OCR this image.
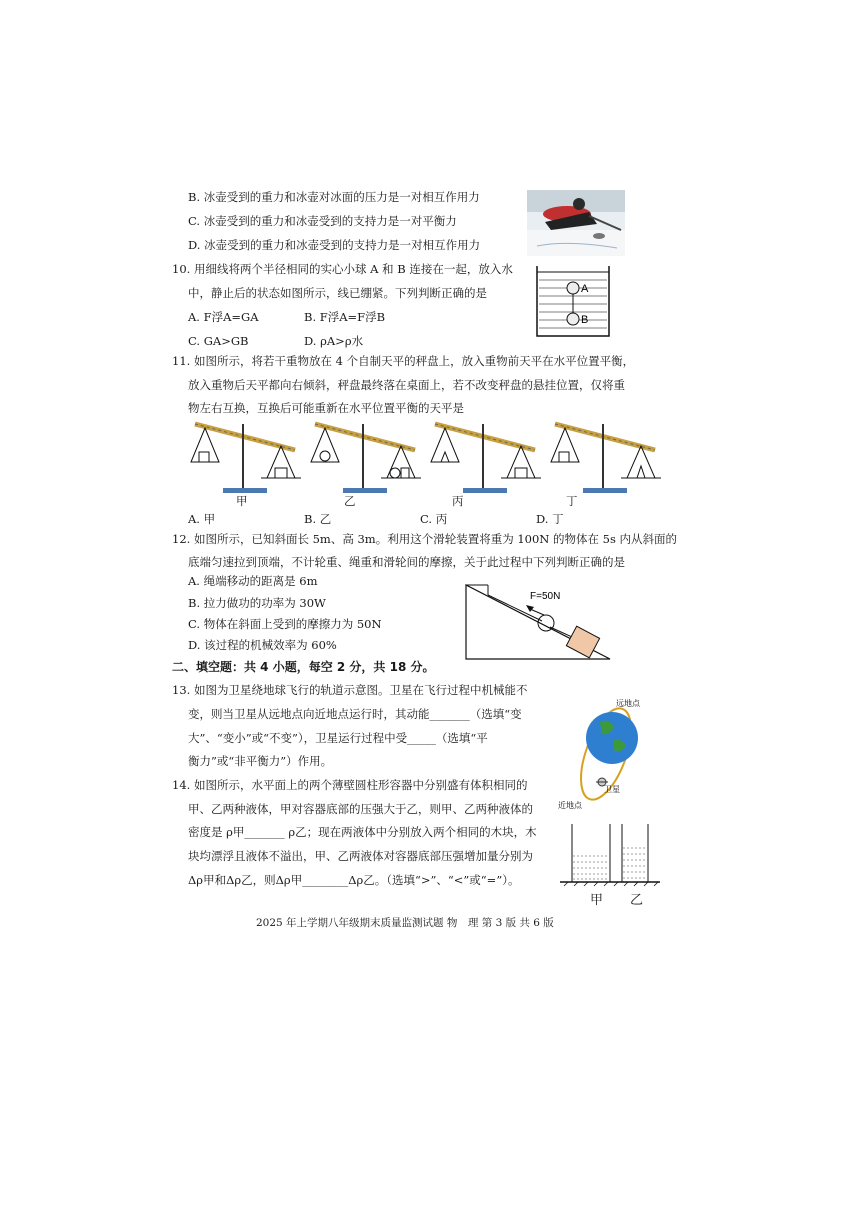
B. 冰壶受到的重力和冰壶对冰面的压力是一对相互作用力
C. 冰壶受到的重力和冰壶受到的支持力是一对平衡力
D. 冰壶受到的重力和冰壶受到的支持力是一对相互作用力
10. 用细线将两个半径相同的实心小球 A 和 B 连接在一起，放入水
中，静止后的状态如图所示，线已绷紧。下列判断正确的是
A. F浮A=GA	B. F浮A=F浮B
C. GA>GB	D. ρA>ρ水
A
B
11. 如图所示，将若干重物放在 4 个自制天平的秤盘上，放入重物前天平在水平位置平衡，
放入重物后天平都向右倾斜，秤盘最终落在桌面上，若不改变秤盘的悬挂位置，仅将重
物左右互换，互换后可能重新在水平位置平衡的天平是
甲	乙	丙	丁
A. 甲	B. 乙	C. 丙	D. 丁
12. 如图所示，已知斜面长 5m、高 3m。利用这个滑轮装置将重为 100N 的物体在 5s 内从斜面的
底端匀速拉到顶端，不计轮重、绳重和滑轮间的摩擦，关于此过程中下列判断正确的是
A. 绳端移动的距离是 6m
B. 拉力做功的功率为 30W
C. 物体在斜面上受到的摩擦力为 50N
D. 该过程的机械效率为 60%
F=50N
二、填空题：共 4 小题，每空 2 分，共 18 分。
13. 如图为卫星绕地球飞行的轨道示意图。卫星在飞行过程中机械能不
变，则当卫星从远地点向近地点运行时，其动能_______（选填“变
大”、“变小”或“不变”），卫星运行过程中受_____（选填“平
衡力”或“非平衡力”）作用。
远地点
近地点
卫星
14. 如图所示，水平面上的两个薄壁圆柱形容器中分别盛有体积相同的
甲、乙两种液体，甲对容器底部的压强大于乙，则甲、乙两种液体的
密度是 ρ甲_______ ρ乙；现在两液体中分别放入两个相同的木块，木
块均漂浮且液体不溢出，甲、乙两液体对容器底部压强增加量分别为
Δρ甲和Δρ乙，则Δρ甲________Δρ乙。（选填“>”、“<”或“=”）。
甲 乙
2025 年上学期八年级期末质量监测试题 物　理 第 3 版 共 6 版
